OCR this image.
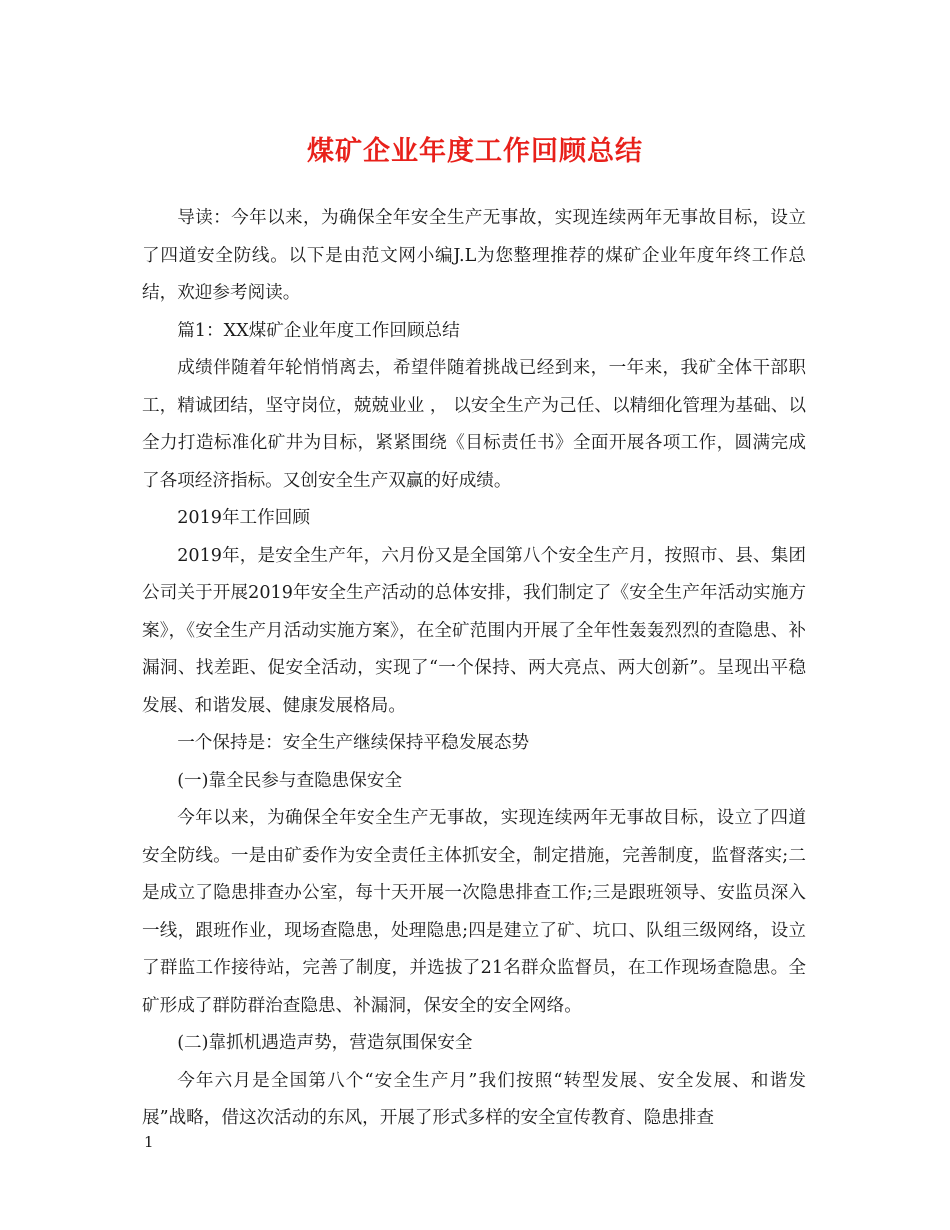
煤矿企业年度工作回顾总结

导读：今年以来，为确保全年安全生产无事故，实现连续两年无事故目标，设立了四道安全防线。以下是由范文网小编J.L为您整理推荐的煤矿企业年度年终工作总结，欢迎参考阅读。

篇1：XX煤矿企业年度工作回顾总结

成绩伴随着年轮悄悄离去，希望伴随着挑战已经到来，一年来，我矿全体干部职工，精诚团结，坚守岗位，兢兢业业 ， 以安全生产为己任、以精细化管理为基础、以全力打造标准化矿井为目标，紧紧围绕《目标责任书》全面开展各项工作，圆满完成了各项经济指标。又创安全生产双赢的好成绩。

2019年工作回顾

2019年，是安全生产年，六月份又是全国第八个安全生产月，按照市、县、集团公司关于开展2019年安全生产活动的总体安排，我们制定了《安全生产年活动实施方案》，《安全生产月活动实施方案》，在全矿范围内开展了全年性轰轰烈烈的查隐患、补漏洞、找差距、促安全活动，实现了“一个保持、两大亮点、两大创新”。呈现出平稳发展、和谐发展、健康发展格局。

一个保持是：安全生产继续保持平稳发展态势

(一)靠全民参与查隐患保安全

今年以来，为确保全年安全生产无事故，实现连续两年无事故目标，设立了四道安全防线。一是由矿委作为安全责任主体抓安全，制定措施，完善制度，监督落实;二是成立了隐患排查办公室，每十天开展一次隐患排查工作;三是跟班领导、安监员深入一线，跟班作业，现场查隐患，处理隐患;四是建立了矿、坑口、队组三级网络，设立了群监工作接待站，完善了制度，并选拔了21名群众监督员，在工作现场查隐患。全矿形成了群防群治查隐患、补漏洞，保安全的安全网络。

(二)靠抓机遇造声势，营造氛围保安全

今年六月是全国第八个“安全生产月”我们按照“转型发展、安全发展、和谐发展”战略，借这次活动的东风，开展了形式多样的安全宣传教育、隐患排查

1
